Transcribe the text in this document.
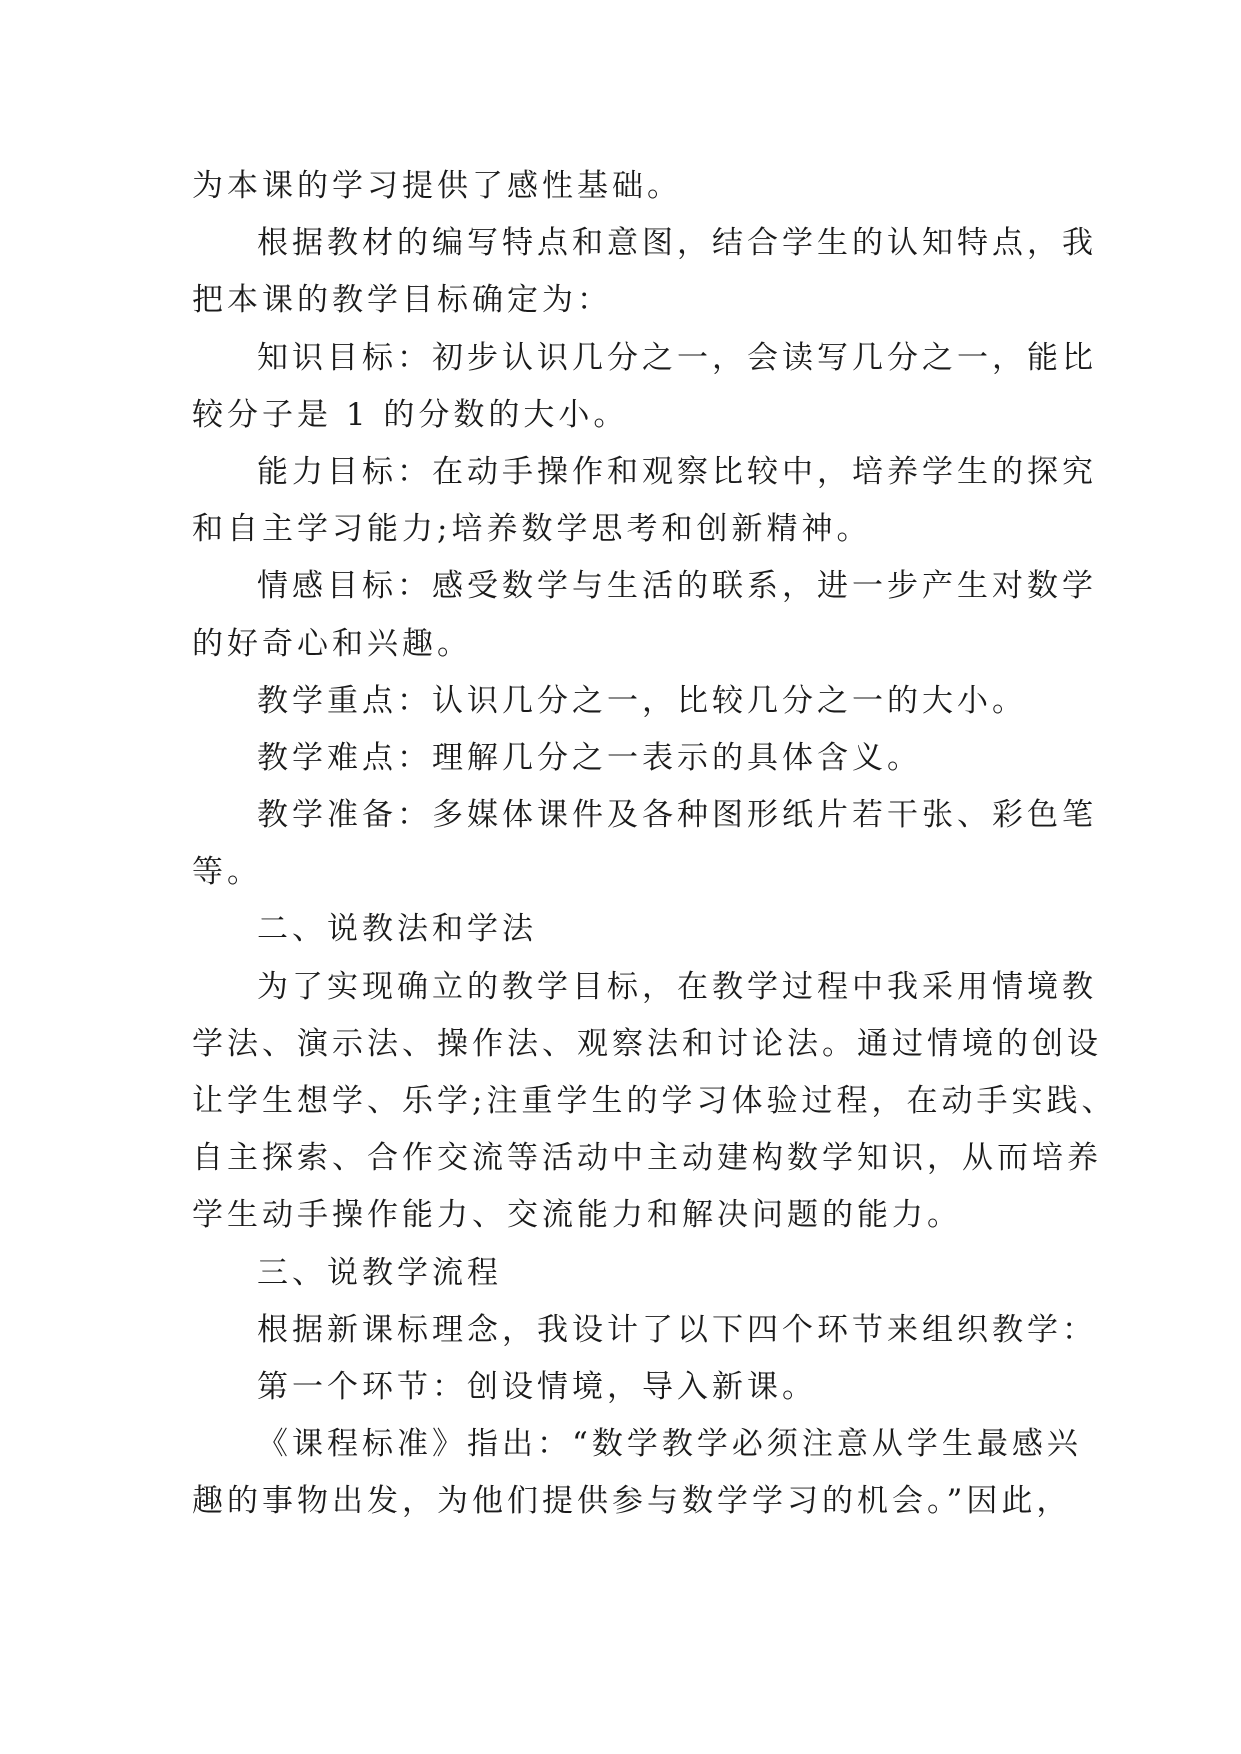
为本课的学习提供了感性基础。
根据教材的编写特点和意图，结合学生的认知特点，我
把本课的教学目标确定为：
知识目标：初步认识几分之一，会读写几分之一，能比
较分子是 1 的分数的大小。
能力目标：在动手操作和观察比较中，培养学生的探究
和自主学习能力;培养数学思考和创新精神。
情感目标：感受数学与生活的联系，进一步产生对数学
的好奇心和兴趣。
教学重点：认识几分之一，比较几分之一的大小。
教学难点：理解几分之一表示的具体含义。
教学准备：多媒体课件及各种图形纸片若干张、彩色笔
等。
二、说教法和学法
为了实现确立的教学目标，在教学过程中我采用情境教
学法、演示法、操作法、观察法和讨论法。通过情境的创设
让学生想学、乐学;注重学生的学习体验过程，在动手实践、
自主探索、合作交流等活动中主动建构数学知识，从而培养
学生动手操作能力、交流能力和解决问题的能力。
三、说教学流程
根据新课标理念，我设计了以下四个环节来组织教学：
第一个环节：创设情境，导入新课。
《课程标准》指出：“数学教学必须注意从学生最感兴
趣的事物出发，为他们提供参与数学学习的机会。”因此，
